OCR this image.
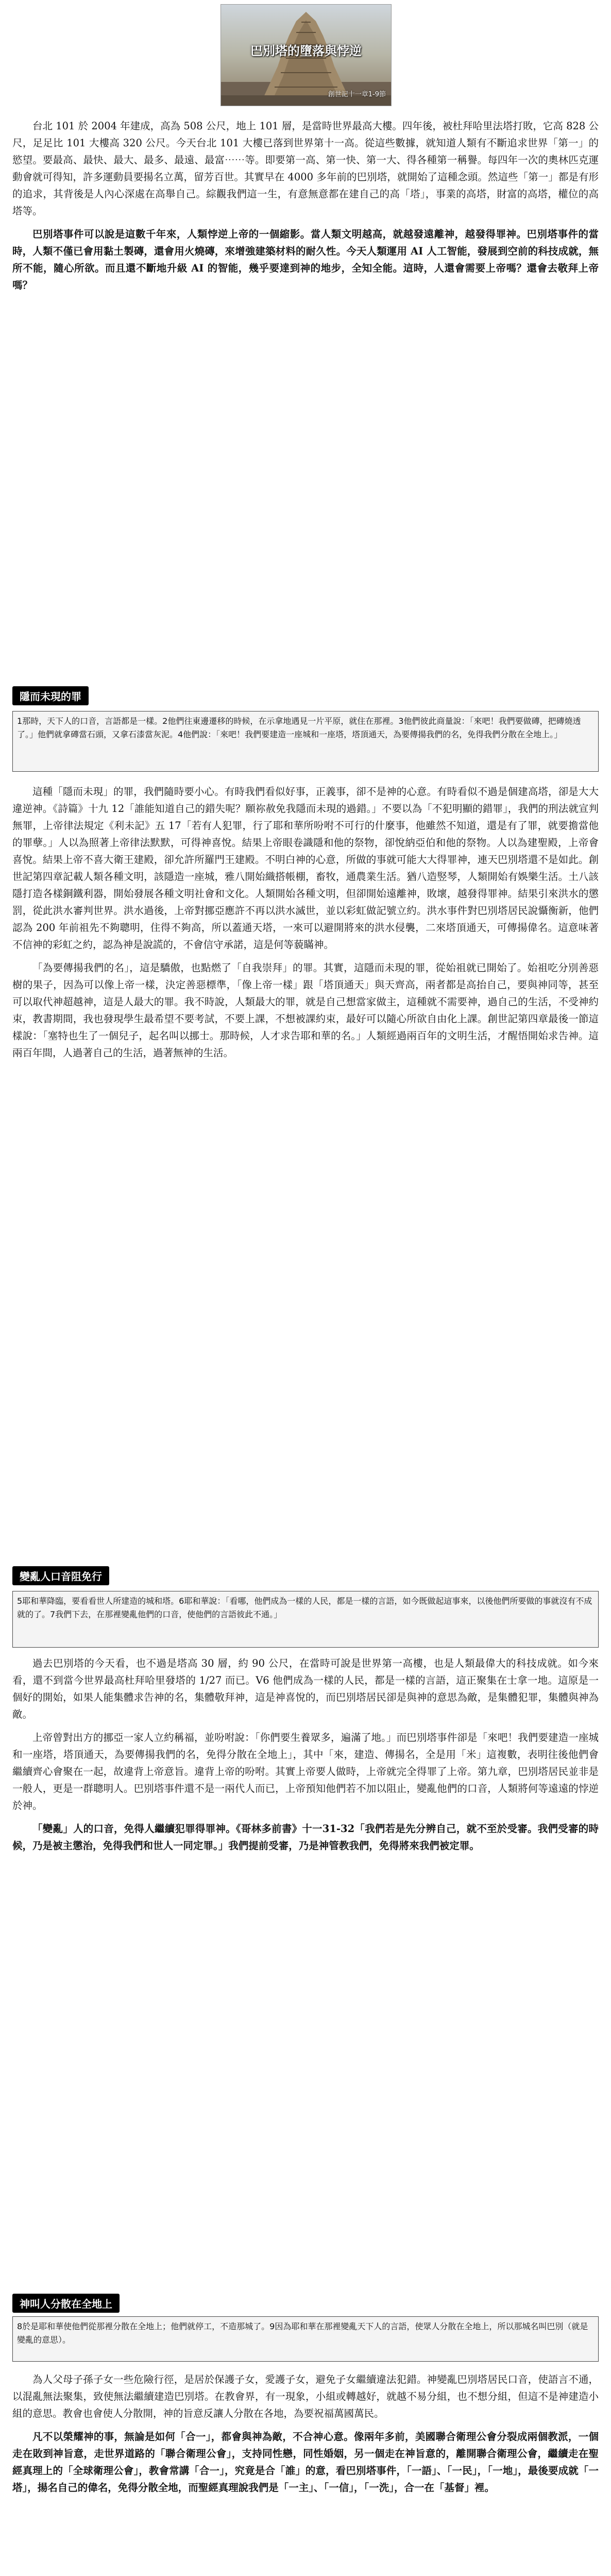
巴別塔的墮落與悖逆
創世記十一章1-9節

台北 101 於 2004 年建成，高為 508 公尺，地上 101 層，是當時世界最高大樓。四年後，被杜拜哈里法塔打敗，它高 828 公尺，足足比 101 大樓高 320 公尺。今天台北 101 大樓已落到世界第十一高。從這些數據，就知道人類有不斷追求世界「第一」的慾望。要最高、最快、最大、最多、最遠、最富⋯⋯等。即要第一高、第一快、第一大、得各種第一稱譽。每四年一次的奧林匹克運動會就可得知，許多運動員要揚名立萬，留芳百世。其實早在 4000 多年前的巴別塔，就開始了這種念頭。然這些「第一」都是有形的追求，其背後是人內心深處在高舉自己。綜觀我們這一生，有意無意都在建自己的高「塔」，事業的高塔，財富的高塔，權位的高塔等。

巴別塔事件可以說是這數千年來，人類悖逆上帝的一個縮影。當人類文明越高，就越發遠離神，越發得罪神。巴別塔事件的當時，人類不僅已會用黏土製磚，還會用火燒磚，來增強建築材料的耐久性。今天人類運用 AI 人工智能，發展到空前的科技成就，無所不能，隨心所欲。而且還不斷地升級 AI 的智能，幾乎要達到神的地步，全知全能。這時，人還會需要上帝嗎？還會去敬拜上帝嗎？

隱而未現的罪
1那時，天下人的口音，言語都是一樣。2他們往東邊遷移的時候，在示拿地遇見一片平原，就住在那裡。3他們彼此商量說：「來吧！我們要做磚，把磚燒透了。」他們就拿磚當石頭，又拿石漆當灰泥。4他們說：「來吧！我們要建造一座城和一座塔，塔頂通天，為要傳揚我們的名，免得我們分散在全地上。」

這種「隱而未現」的罪，我們隨時要小心。有時我們看似好事，正義事，卻不是神的心意。有時看似不過是個建高塔，卻是大大違逆神。《詩篇》十九 12「誰能知道自己的錯失呢？願祢赦免我隱而未現的過錯。」不要以為「不犯明顯的錯罪」，我們的刑法就宣判無罪，上帝律法規定《利未記》五 17「若有人犯罪，行了耶和華所吩咐不可行的什麼事，他雖然不知道，還是有了罪，就要擔當他的罪孽。」人以為照著上帝律法默默，可得神喜悅。結果上帝眼卷識隱和他的祭物，卻悅納亞伯和他的祭物。人以為建聖殿，上帝會喜悅。結果上帝不喜大衛王建殿，卻允許所羅門王建殿。不明白神的心意，所做的事就可能大大得罪神，連天巴別塔還不是如此。創世記第四章記載人類各種文明，該隱造一座城，雅八開始織搭帳棚，畜牧，通農業生活。猶八造竪琴，人類開始有娛樂生活。土八該隱打造各樣銅鐵利器，開始發展各種文明社會和文化。人類開始各種文明，但卻開始遠離神，敗壞，越發得罪神。結果引來洪水的懲罰，從此洪水審判世界。洪水過後，上帝對挪亞應許不再以洪水滅世，並以彩虹做記號立約。洪水事件對巴別塔居民說懾衡新，他們認為 200 年前祖先不夠聰明，住得不夠高，所以蓋通天塔，一來可以避開將來的洪水侵襲，二來塔頂通天，可傳揚偉名。這意味著不信神的彩虹之約，認為神是說謊的，不會信守承諾，這是何等藐瞞神。

「為要傳揚我們的名」，這是驕傲，也點燃了「自我崇拜」的罪。其實，這隱而未現的罪，從始祖就已開始了。始祖吃分別善惡樹的果子，因為可以像上帝一樣，決定善惡標準，「像上帝一樣」跟「塔頂通天」與天齊高，兩者都是高抬自己，要與神同等，甚至可以取代神超越神，這是人最大的罪。我不時說，人類最大的罪，就是自己想當家做主，這種就不需要神，過自己的生活，不受神約束，教書期間，我也發現學生最希望不要考試，不要上課，不想被課約束，最好可以隨心所欲自由化上課。創世記第四章最後一節這樣說：「塞特也生了一個兒子，起名叫以挪士。那時候，人才求告耶和華的名。」人類經過兩百年的文明生活，才醒悟開始求告神。這兩百年間，人過著自己的生活，過著無神的生活。

變亂人口音阻免行
5耶和華降臨，要看看世人所建造的城和塔。6耶和華說：「看哪，他們成為一樣的人民，都是一樣的言語，如今既做起這事來，以後他們所要做的事就沒有不成就的了。7我們下去，在那裡變亂他們的口音，使他們的言語彼此不通。」

過去巴別塔的今天看，也不過是塔高 30 層，約 90 公尺，在當時可說是世界第一高樓，也是人類最偉大的科技成就。如今來看，還不到當今世界最高杜拜哈里發塔的 1/27 而已。V6 他們成為一樣的人民，都是一樣的言語，這正聚集在士拿一地。這原是一個好的開始，如果人能集體求告神的名，集體敬拜神，這是神喜悅的，而巴別塔居民卻是與神的意思為敵，是集體犯罪，集體與神為敵。

上帝曾對出方的挪亞一家人立約稱福，並吩咐說：「你們要生養眾多，遍滿了地。」而巴別塔事件卻是「來吧！我們要建造一座城和一座塔，塔頂通天，為要傳揚我們的名，免得分散在全地上」，其中「來，建造、傳揚名，全是用「米」這複數，表明往後他們會繼續齊心會聚在一起，故違背上帝意旨。違背上帝的吩咐。其實上帝要人做時，上帝就完全得罪了上帝。第九章，巴別塔居民並非是一般人，更是一群聰明人。巴別塔事件還不是一兩代人而已，上帝預知他們若不加以阻止，變亂他們的口音，人類將何等遠遠的悖逆於神。

「變亂」人的口音，免得人繼續犯罪得罪神。《哥林多前書》十一31-32「我們若是先分辨自己，就不至於受審。我們受審的時候，乃是被主懲治，免得我們和世人一同定罪。」我們提前受審，乃是神管教我們，免得將來我們被定罪。

神叫人分散在全地上
8於是耶和華使他們從那裡分散在全地上；他們就停工，不造那城了。9因為耶和華在那裡變亂天下人的言語，使眾人分散在全地上，所以那城名叫巴別（就是變亂的意思）。

為人父母子孫子女一些危險行徑，是居於保護子女，愛護子女，避免子女繼續違法犯錯。神變亂巴別塔居民口音，使語言不通，以混亂無法聚集，致使無法繼續建造巴別塔。在教會界，有一現象，小組或轉越好，就越不易分組，也不想分組，但這不是神建造小組的意思。教會也會使人分散開，神的旨意反讓人分散在各地，為要祝福萬國萬民。

凡不以榮耀神的事，無論是如何「合一」，都會與神為敵，不合神心意。像兩年多前，美國聯合衛理公會分裂成兩個教派，一個走在敗到神旨意，走世界道路的「聯合衛理公會」，支持同性戀，同性婚姻，另一個走在神旨意的，離開聯合衛理公會，繼續走在聖經真理上的「全球衛理公會」，教會常講「合一」，究竟是合「誰」的意，看巴別塔事件，「一語」、「一民」，「一地」，最後要成就「一塔」，揚名自己的偉名，免得分散全地，而聖經真理說我們是「一主」、「一信」，「一洗」，合一在「基督」裡。
